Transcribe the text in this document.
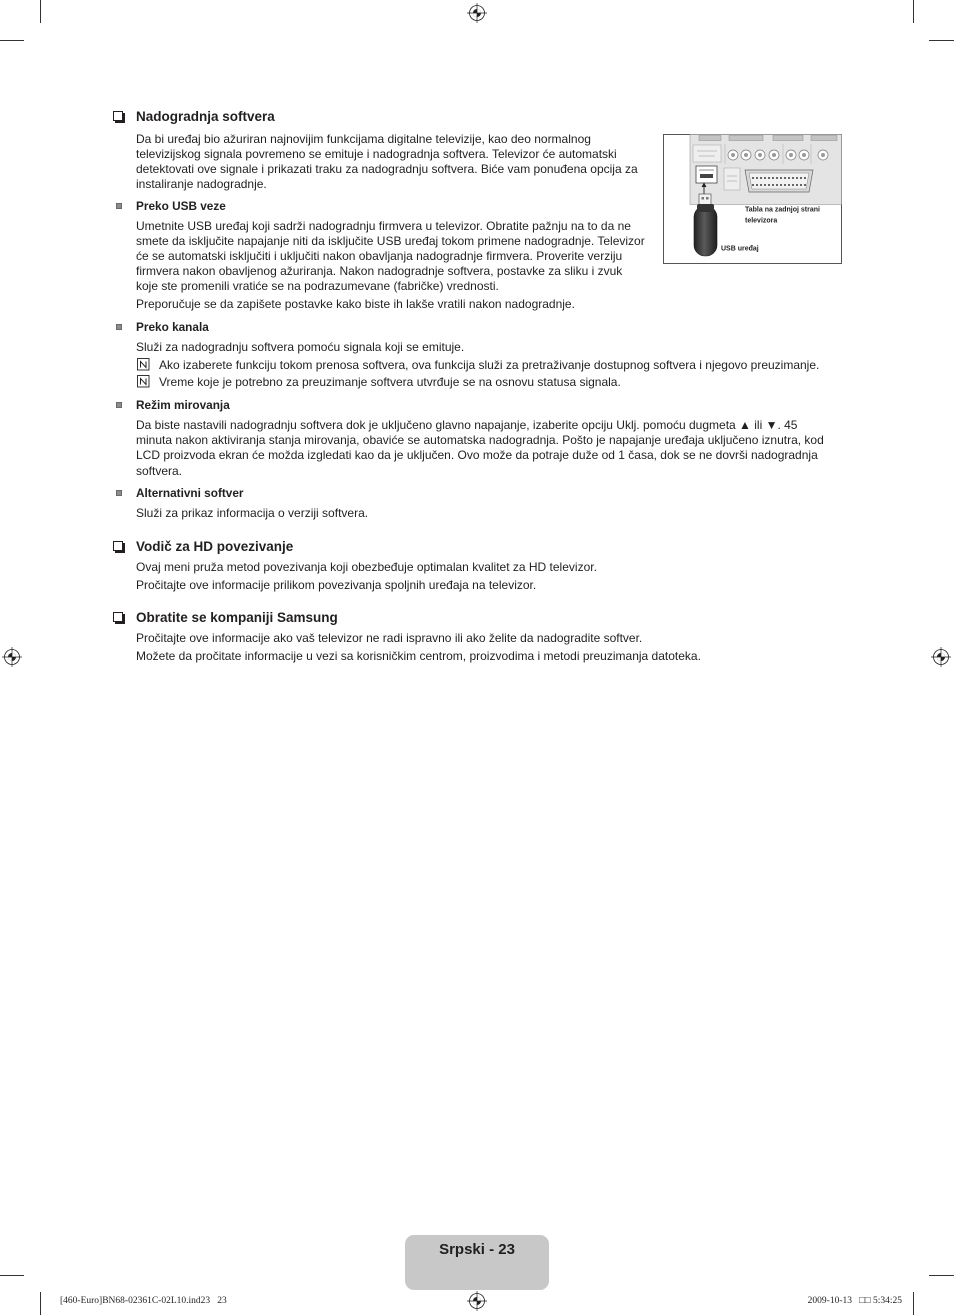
Nadogradnja softvera
Da bi uređaj bio ažuriran najnovijim funkcijama digitalne televizije, kao deo normalnog
televizijskog signala povremeno se emituje i nadogradnja softvera. Televizor će automatski
detektovati ove signale i prikazati traku za nadogradnju softvera. Biće vam ponuđena opcija za
instaliranje nadogradnje.
Tabla na zadnjoj strani
televizora
USB uređaj
Preko USB veze
Umetnite USB uređaj koji sadrži nadogradnju firmvera u televizor. Obratite pažnju na to da ne
smete da isključite napajanje niti da isključite USB uređaj tokom primene nadogradnje. Televizor
će se automatski isključiti i uključiti nakon obavljanja nadogradnje firmvera. Proverite verziju
firmvera nakon obavljenog ažuriranja. Nakon nadogradnje softvera, postavke za sliku i zvuk
koje ste promenili vratiće se na podrazumevane (fabričke) vrednosti.
Preporučuje se da zapišete postavke kako biste ih lakše vratili nakon nadogradnje.
Preko kanala
Služi za nadogradnju softvera pomoću signala koji se emituje.
Ako izaberete funkciju tokom prenosa softvera, ova funkcija služi za pretraživanje dostupnog softvera i njegovo preuzimanje.
Vreme koje je potrebno za preuzimanje softvera utvrđuje se na osnovu statusa signala.
Režim mirovanja
Da biste nastavili nadogradnju softvera dok je uključeno glavno napajanje, izaberite opciju Uklj. pomoću dugmeta ▲ ili ▼. 45
minuta nakon aktiviranja stanja mirovanja, obaviće se automatska nadogradnja. Pošto je napajanje uređaja uključeno iznutra, kod
LCD proizvoda ekran će možda izgledati kao da je uključen. Ovo može da potraje duže od 1 časa, dok se ne dovrši nadogradnja
softvera.
Alternativni softver
Služi za prikaz informacija o verziji softvera.
Vodič za HD povezivanje
Ovaj meni pruža metod povezivanja koji obezbeđuje optimalan kvalitet za HD televizor.
Pročitajte ove informacije prilikom povezivanja spoljnih uređaja na televizor.
Obratite se kompaniji Samsung
Pročitajte ove informacije ako vaš televizor ne radi ispravno ili ako želite da nadogradite softver.
Možete da pročitate informacije u vezi sa korisničkim centrom, proizvodima i metodi preuzimanja datoteka.
Srpski - 23
[460-Euro]BN68-02361C-02L10.ind23   23	2009-10-13   □□ 5:34:25
